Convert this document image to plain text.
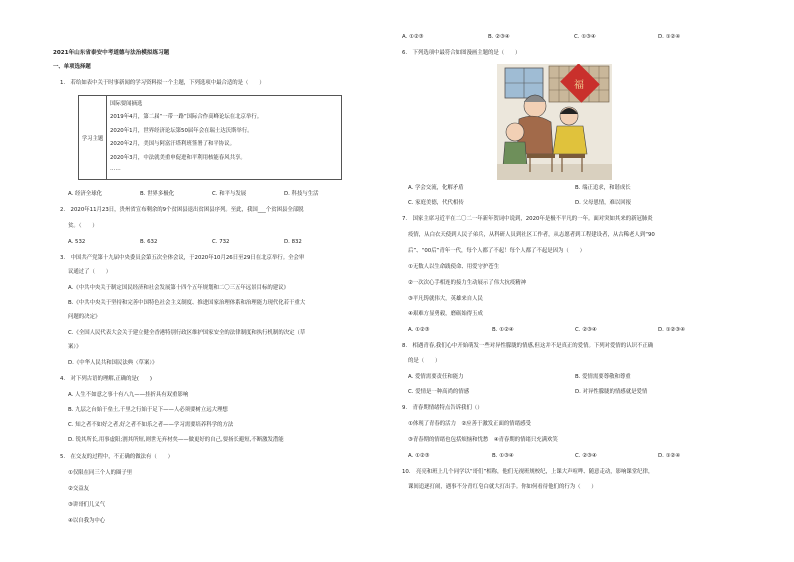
2021年山东省泰安中考道德与法治模拟练习题
一、单项选择题
1.　若给如表中关于时事新闻的学习资料拟一个主题，下列选项中最合适的是（　　）
学习主题
国际要闻摘选
2019年4月，第二届“一带一路”国际合作高峰论坛在北京举行。
2020年1月，世界经济论坛第50届年会在瑞士达沃斯举行。
2020年2月，美国与阿富汗塔利班签署了和平协议。
2020年3月，中法就美重申促进和平利用核能春风共享。
……
A. 经济全球化	B. 世界多极化	C. 和平与发展	D. 科技与生活
2.　2020年11月23日，贵州省宣布剩余的9个贫困县退出贫困县序列。至此，我国___个贫困县全部脱
贫。（　　）
A. 532	B. 632	C. 732	D. 832
3.　中国共产党第十九届中央委员会第五次全体会议，于2020年10月26日至29日在北京举行。全会审
议通过了（　　）
A.《中共中央关于制定国民经济和社会发展第十四个五年规划和二〇三五年远景目标的建议》
B.《中共中央关于坚持和完善中国特色社会主义制度、推进国家治理体系和治理能力现代化若干重大
问题的决定》
C.《全国人民代表大会关于建立健全香港特别行政区维护国家安全的法律制度和执行机制的决定（草
案）》
D.《中华人民共和国民法典（草案）》
4.　对下列古语的理解,正确的是(　　)
A. 人生不如意之事十有八九——挂折具有双重影响
B. 九层之台始于垒土,千里之行始于足下——人必须要树立远大理想
C. 知之者不如好之者,好之者不如乐之者——学习需要培养科学的方法
D. 锐其所长,用事虚阳;割其所短,则世无弃材矣——做更好的自己,要扬长避短,不断激发潜能
5.　在交友的过程中，不正确的做法有（　　）
①仅限在同三个人的圈子里
②交益友
③讲哥们儿义气
④以自我为中心
A. ①②③	B. ②③④	C. ①③④	D. ①②④
6.　下列选项中最符合如图漫画主题的是（　　）
福
A. 学会交流，化解矛盾	B. 端正追求，和谐成长
C. 家庭美德，代代相传	D. 父母恩情，难以回报
7.　国家主席习近平在二〇二一年新年贺词中说到，2020年是极不平凡的一年。面对突如其来的新冠肺炎
疫情，从白衣天使到人民子弟兵，从科研人员到社区工作者，从志愿者到工程建设者，从古稀老人到“90
后”、“00后”青年一代，每个人都了不起！每个人都了不起是因为（　　）
①无数人以生命践使命、用爱守护苍生
②一次次心手相连的接力生动展示了伟大抗疫精神
③平凡铸就伟大，英雄来自人民
④艰难方显勇毅，磨砺始得玉成
A. ①②③	B. ①②④	C. ②③④	D. ①②③④
8.　相遇青春,我们心中开始萌发一些对异性朦胧的情感,但这并不是真正的爱情。下列对爱情的认识不正确
的是（　　）
A. 爱情需要责任和能力	B. 爱情需要尊敬和尊重
C. 爱情是一种高尚的情感	D. 对异性朦胧的情感就是爱情
9.　青春期情绪特点告诉我们（）
①体现了青春的活力　②应善于激发正面的情绪感受
③青春期的情绪也包括烦恼和忧愁　④青春期的情绪只充满欢笑
A. ①②③	B. ①③④	C. ②③④	D. ①②④
10.　亮亮和班上几个同学以“哥们”相称，他们无视班规校纪，上课大声喧哗、随意走动，影响课堂纪律，
课间追逐打闹，遇事不分青红皂白就大打出手。你如何看待他们的行为（　　）
